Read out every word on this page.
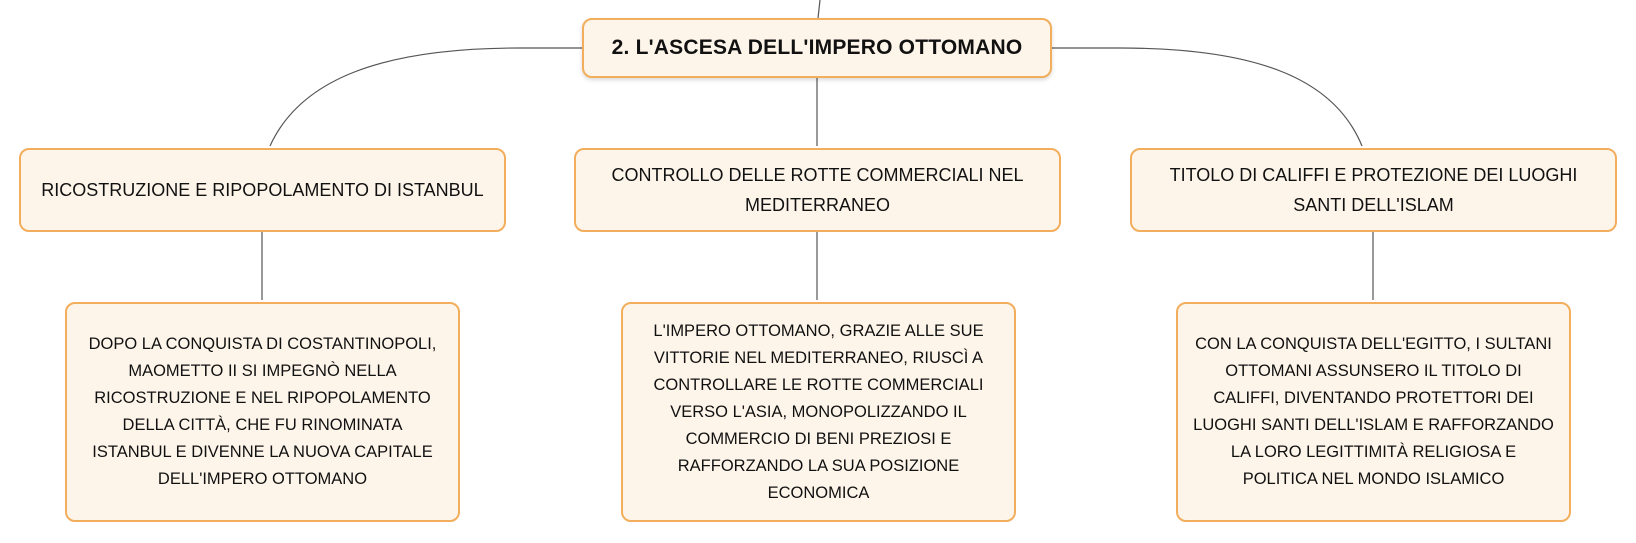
2. L'ASCESA DELL'IMPERO OTTOMANO
RICOSTRUZIONE E RIPOPOLAMENTO DI ISTANBUL
CONTROLLO DELLE ROTTE COMMERCIALI NEL MEDITERRANEO
TITOLO DI CALIFFI E PROTEZIONE DEI LUOGHI SANTI DELL'ISLAM
DOPO LA CONQUISTA DI COSTANTINOPOLI, MAOMETTO II SI IMPEGNÒ NELLA RICOSTRUZIONE E NEL RIPOPOLAMENTO DELLA CITTÀ, CHE FU RINOMINATA ISTANBUL E DIVENNE LA NUOVA CAPITALE DELL'IMPERO OTTOMANO
L'IMPERO OTTOMANO, GRAZIE ALLE SUE VITTORIE NEL MEDITERRANEO, RIUSCÌ A CONTROLLARE LE ROTTE COMMERCIALI VERSO L'ASIA, MONOPOLIZZANDO IL COMMERCIO DI BENI PREZIOSI E RAFFORZANDO LA SUA POSIZIONE ECONOMICA
CON LA CONQUISTA DELL'EGITTO, I SULTANI OTTOMANI ASSUNSERO IL TITOLO DI CALIFFI, DIVENTANDO PROTETTORI DEI LUOGHI SANTI DELL'ISLAM E RAFFORZANDO LA LORO LEGITTIMITÀ RELIGIOSA E POLITICA NEL MONDO ISLAMICO
